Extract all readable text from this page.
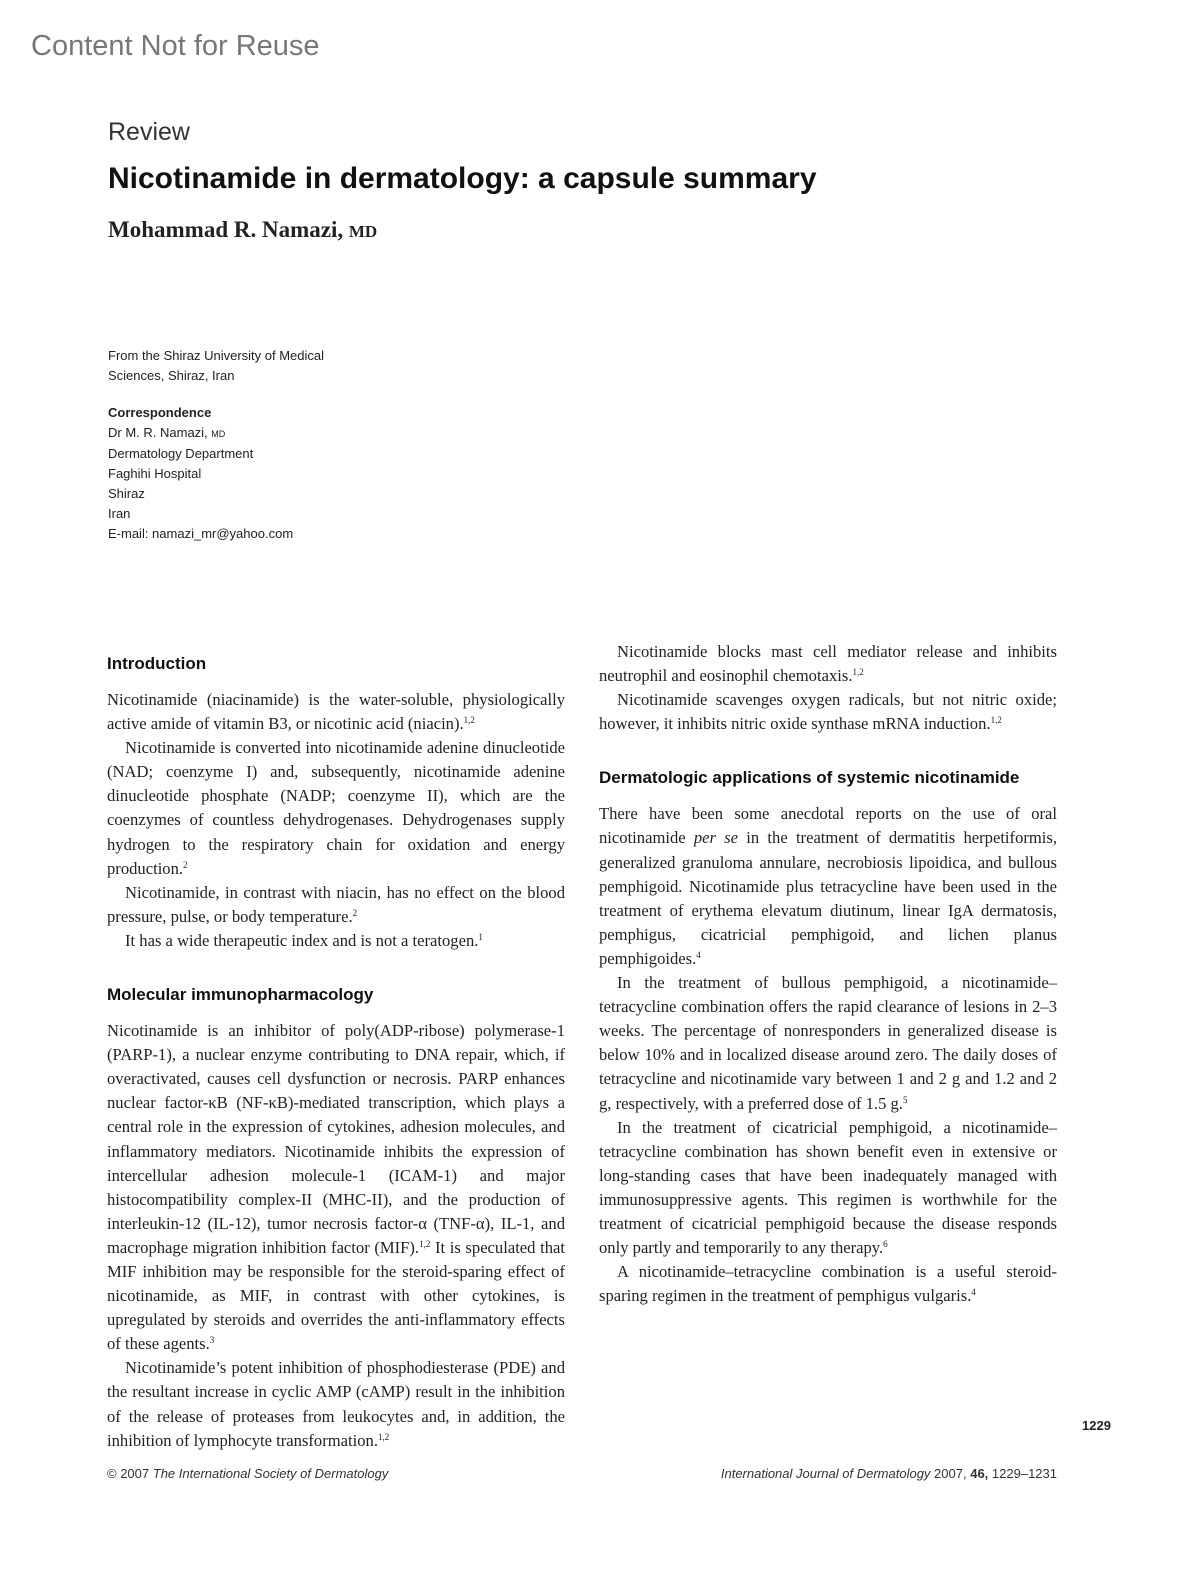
Content Not for Reuse
Review
Nicotinamide in dermatology: a capsule summary
Mohammad R. Namazi, MD
From the Shiraz University of Medical
Sciences, Shiraz, Iran
Correspondence
Dr M. R. Namazi, MD
Dermatology Department
Faghihi Hospital
Shiraz
Iran
E-mail: namazi_mr@yahoo.com
Introduction

Nicotinamide (niacinamide) is the water-soluble, physiologically active amide of vitamin B3, or nicotinic acid (niacin).$^{1,2}$

Nicotinamide is converted into nicotinamide adenine dinucleotide (NAD; coenzyme I) and, subsequently, nicotinamide adenine dinucleotide phosphate (NADP; coenzyme II), which are the coenzymes of countless dehydrogenases. Dehydrogenases supply hydrogen to the respiratory chain for oxidation and energy production.$^2$

Nicotinamide, in contrast with niacin, has no effect on the blood pressure, pulse, or body temperature.$^2$

It has a wide therapeutic index and is not a teratogen.$^1$

Molecular immunopharmacology

Nicotinamide is an inhibitor of poly(ADP-ribose) polymerase-1 (PARP-1), a nuclear enzyme contributing to DNA repair, which, if overactivated, causes cell dysfunction or necrosis. PARP enhances nuclear factor-κB (NF-κB)-mediated transcription, which plays a central role in the expression of cytokines, adhesion molecules, and inflammatory mediators. Nicotinamide inhibits the expression of intercellular adhesion molecule-1 (ICAM-1) and major histocompatibility complex-II (MHC-II), and the production of interleukin-12 (IL-12), tumor necrosis factor-α (TNF-α), IL-1, and macrophage migration inhibition factor (MIF).$^{1,2}$ It is speculated that MIF inhibition may be responsible for the steroid-sparing effect of nicotinamide, as MIF, in contrast with other cytokines, is upregulated by steroids and overrides the anti-inflammatory effects of these agents.$^3$

Nicotinamide’s potent inhibition of phosphodiesterase (PDE) and the resultant increase in cyclic AMP (cAMP) result in the inhibition of the release of proteases from leukocytes and, in addition, the inhibition of lymphocyte transformation.$^{1,2}$

Nicotinamide blocks mast cell mediator release and inhibits neutrophil and eosinophil chemotaxis.$^{1,2}$

Nicotinamide scavenges oxygen radicals, but not nitric oxide; however, it inhibits nitric oxide synthase mRNA induction.$^{1,2}$

Dermatologic applications of systemic nicotinamide

There have been some anecdotal reports on the use of oral nicotinamide per se in the treatment of dermatitis herpetiformis, generalized granuloma annulare, necrobiosis lipoidica, and bullous pemphigoid. Nicotinamide plus tetracycline have been used in the treatment of erythema elevatum diutinum, linear IgA dermatosis, pemphigus, cicatricial pemphigoid, and lichen planus pemphigoides.$^4$

In the treatment of bullous pemphigoid, a nicotinamide–tetracycline combination offers the rapid clearance of lesions in 2–3 weeks. The percentage of nonresponders in generalized disease is below 10% and in localized disease around zero. The daily doses of tetracycline and nicotinamide vary between 1 and 2 g and 1.2 and 2 g, respectively, with a preferred dose of 1.5 g.$^5$

In the treatment of cicatricial pemphigoid, a nicotinamide–tetracycline combination has shown benefit even in extensive or long-standing cases that have been inadequately managed with immunosuppressive agents. This regimen is worthwhile for the treatment of cicatricial pemphigoid because the disease responds only partly and temporarily to any therapy.$^6$

A nicotinamide–tetracycline combination is a useful steroid-sparing regimen in the treatment of pemphigus vulgaris.$^4$

1229
© 2007 The International Society of Dermatology	International Journal of Dermatology 2007, 46, 1229–1231
